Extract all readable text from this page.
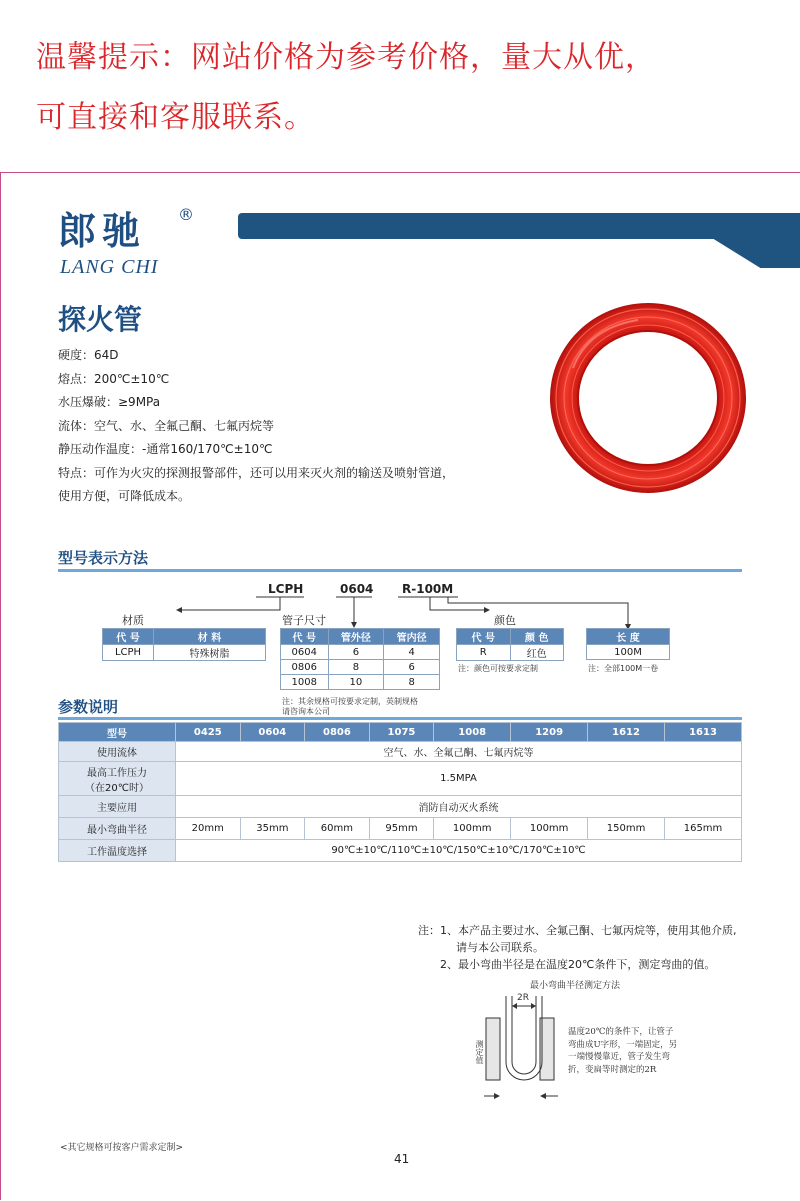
温馨提示：网站价格为参考价格，量大从优，
可直接和客服联系。
郎驰 ®
LANG CHI
探火管
硬度：64D
熔点：200℃±10℃
水压爆破：≥9MPa
流体：空气、水、全氟己酮、七氟丙烷等
静压动作温度：-通常160/170℃±10℃
特点：可作为火灾的探测报警部件，还可以用来灭火剂的输送及喷射管道，
使用方便，可降低成本。
型号表示方法
LCPH	0604 R-100M
材质	管子尺寸	颜色
代 号	材 料
LCPH	特殊树脂
代 号	管外径	管内径
0604	6	4
0806	8	6
1008	10	8
注：其余规格可按要求定制，英制规格
请咨询本公司
代 号	颜 色
R	红色
注：颜色可按要求定制
长 度
100M
注：全部100M一卷
参数说明
型号	0425	0604	0806	1075	1008	1209	1612	1613
使用流体	空气、水、全氟己酮、七氟丙烷等							

最高工作压力
（在20℃时）	1.5MPA							
主要应用	消防自动灭火系统							
最小弯曲半径	20mm	35mm	60mm	95mm	100mm	100mm	150mm	165mm
工作温度选择	90℃±10℃/110℃±10℃/150℃±10℃/170℃±10℃							
注： 1、本产品主要过水、全氟己酮、七氟丙烷等，使用其他介质,
请与本公司联系。
2、最小弯曲半径是在温度20℃条件下，测定弯曲的值。
最小弯曲半径测定方法
2R
测定值
温度20℃的条件下，让管子
弯曲成U字形，一端固定，另
一端慢慢靠近，管子发生弯
折，变扁等时测定的2R
<其它规格可按客户需求定制>
41
